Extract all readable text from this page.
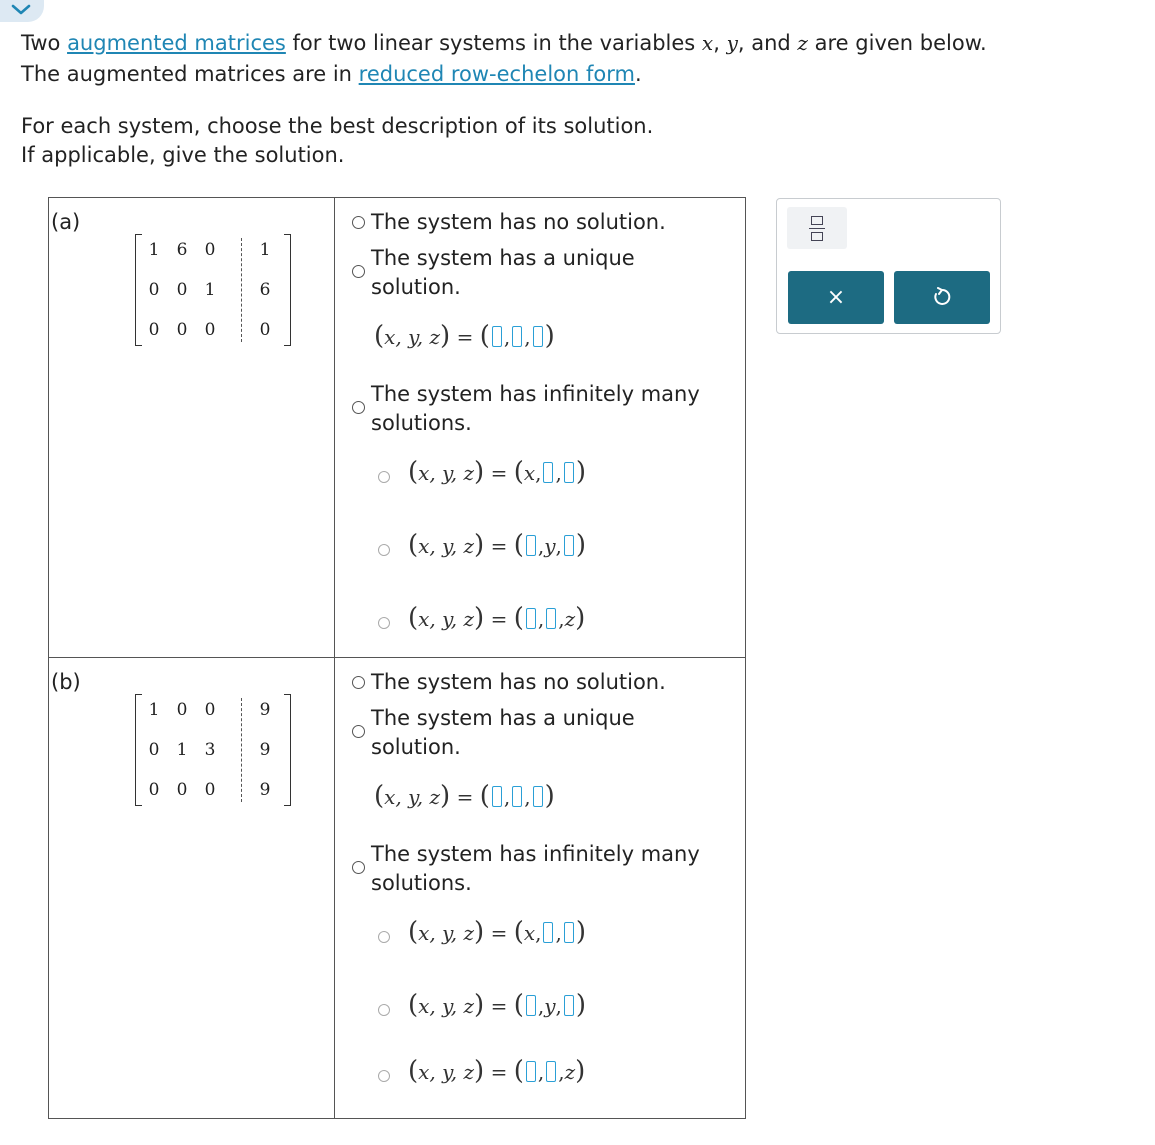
Two augmented matrices for two linear systems in the variables x, y, and z are given below.

The augmented matrices are in reduced row-echelon form.

For each system, choose the best description of its solution.

If applicable, give the solution.

(a)
1 6 0	1
0 0 1	6
0 0 0	0
The system has no solution.
The system has a unique
solution.
(x, y, z) = ( , , )
The system has infinitely many
solutions.
(x, y, z) = (x, , )
(x, y, z) = ( ,y, )
(x, y, z) = ( , ,z)
(b)
1 0 0	9
0 1 3	9
0 0 0	9
The system has no solution.
The system has a unique
solution.
(x, y, z) = ( , , )
The system has infinitely many
solutions.
(x, y, z) = (x, , )
(x, y, z) = ( ,y, )
(x, y, z) = ( , ,z)
×
